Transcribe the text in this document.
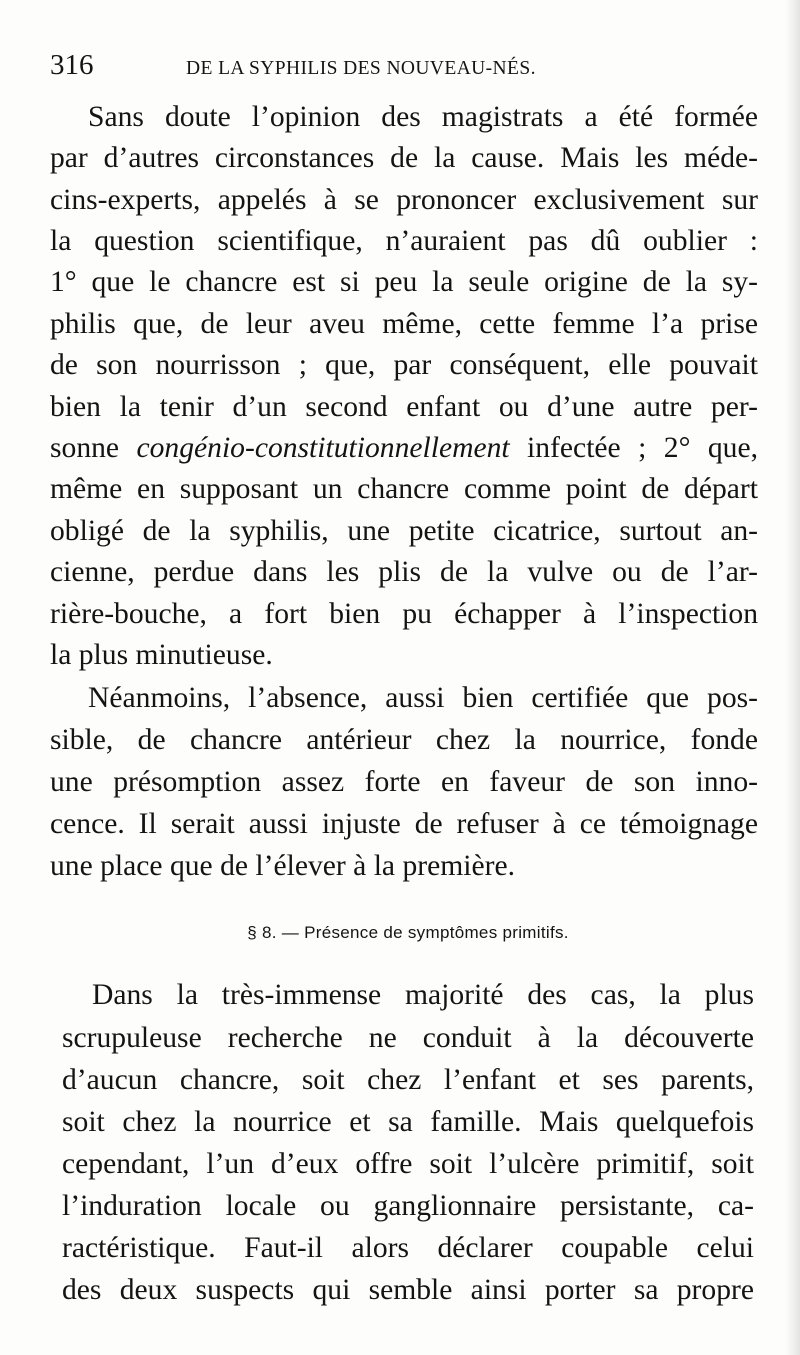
316	DE LA SYPHILIS DES NOUVEAU-NÉS.
Sans doute l’opinion des magistrats a été formée
par d’autres circonstances de la cause. Mais les méde-
cins-experts, appelés à se prononcer exclusivement sur
la question scientifique, n’auraient pas dû oublier :
1° que le chancre est si peu la seule origine de la sy-
philis que, de leur aveu même, cette femme l’a prise
de son nourrisson ; que, par conséquent, elle pouvait
bien la tenir d’un second enfant ou d’une autre per-
sonne congénio-constitutionnellement infectée ; 2° que,
même en supposant un chancre comme point de départ
obligé de la syphilis, une petite cicatrice, surtout an-
cienne, perdue dans les plis de la vulve ou de l’ar-
rière-bouche, a fort bien pu échapper à l’inspection
la plus minutieuse.
Néanmoins, l’absence, aussi bien certifiée que pos-
sible, de chancre antérieur chez la nourrice, fonde
une présomption assez forte en faveur de son inno-
cence. Il serait aussi injuste de refuser à ce témoignage
une place que de l’élever à la première.
§ 8. — Présence de symptômes primitifs.
Dans la très-immense majorité des cas, la plus
scrupuleuse recherche ne conduit à la découverte
d’aucun chancre, soit chez l’enfant et ses parents,
soit chez la nourrice et sa famille. Mais quelquefois
cependant, l’un d’eux offre soit l’ulcère primitif, soit
l’induration locale ou ganglionnaire persistante, ca-
ractéristique. Faut-il alors déclarer coupable celui
des deux suspects qui semble ainsi porter sa propre
